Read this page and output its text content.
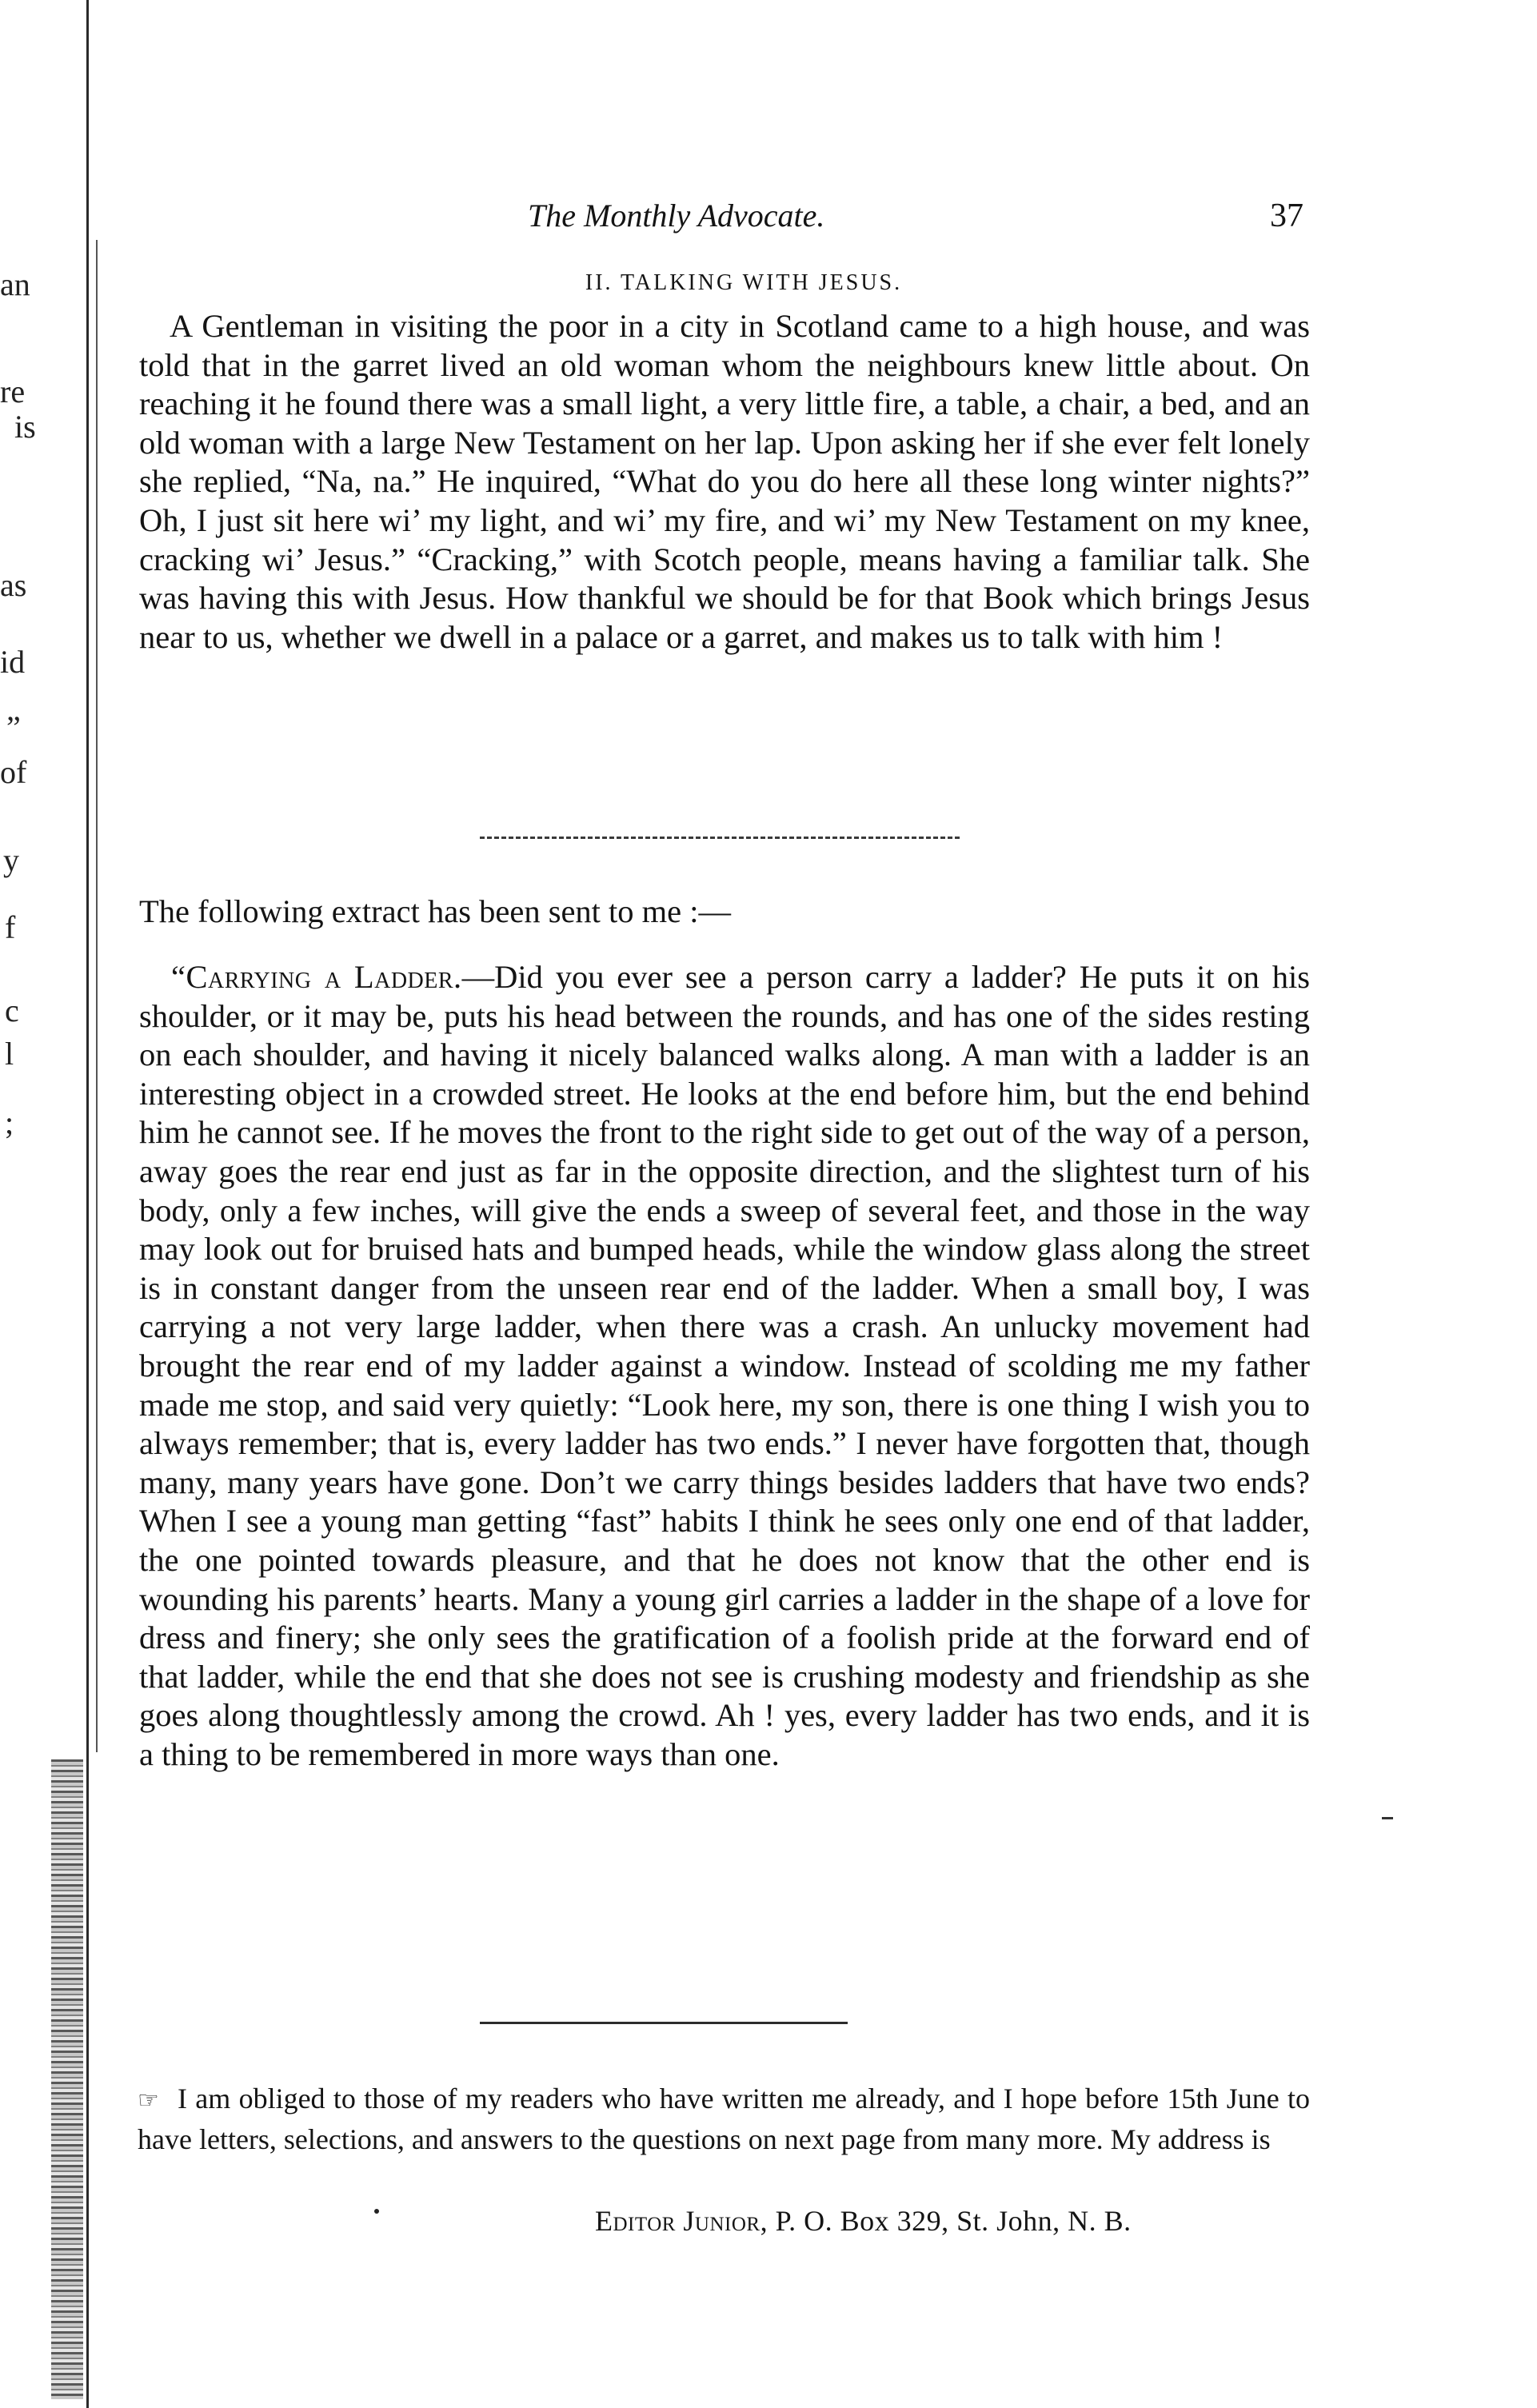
an
re
is
as
id
”
of
y
f
c
l
;
The Monthly Advocate.	37
II. TALKING WITH JESUS.

A Gentleman in visiting the poor in a city in Scotland came to a high house, and was told that in the garret lived an old woman whom the neighbours knew little about. On reaching it he found there was a small light, a very little fire, a table, a chair, a bed, and an old woman with a large New Testament on her lap. Upon asking her if she ever felt lonely she replied, “Na, na.” He inquired, “What do you do here all these long winter nights?” Oh, I just sit here wi’ my light, and wi’ my fire, and wi’ my New Testament on my knee, cracking wi’ Jesus.” “Cracking,” with Scotch people, means having a familiar talk. She was having this with Jesus. How thankful we should be for that Book which brings Jesus near to us, whether we dwell in a palace or a garret, and makes us to talk with him !

The following extract has been sent to me :—

“Carrying a Ladder.—Did you ever see a person carry a ladder? He puts it on his shoulder, or it may be, puts his head between the rounds, and has one of the sides resting on each shoulder, and having it nicely balanced walks along. A man with a ladder is an interesting object in a crowded street. He looks at the end before him, but the end behind him he cannot see. If he moves the front to the right side to get out of the way of a person, away goes the rear end just as far in the opposite direction, and the slightest turn of his body, only a few inches, will give the ends a sweep of several feet, and those in the way may look out for bruised hats and bumped heads, while the window glass along the street is in constant danger from the unseen rear end of the ladder. When a small boy, I was carrying a not very large ladder, when there was a crash. An unlucky movement had brought the rear end of my ladder against a window. Instead of scolding me my father made me stop, and said very quietly: “Look here, my son, there is one thing I wish you to always remember; that is, every ladder has two ends.” I never have forgotten that, though many, many years have gone. Don’t we carry things besides ladders that have two ends? When I see a young man getting “fast” habits I think he sees only one end of that ladder, the one pointed towards pleasure, and that he does not know that the other end is wounding his parents’ hearts. Many a young girl carries a ladder in the shape of a love for dress and finery; she only sees the gratification of a foolish pride at the forward end of that ladder, while the end that she does not see is crushing modesty and friendship as she goes along thoughtlessly among the crowd. Ah ! yes, every ladder has two ends, and it is a thing to be remembered in more ways than one.

☞ I am obliged to those of my readers who have written me already, and I hope before 15th June to have letters, selections, and answers to the questions on next page from many more. My address is

Editor Junior, P. O. Box 329, St. John, N. B.
